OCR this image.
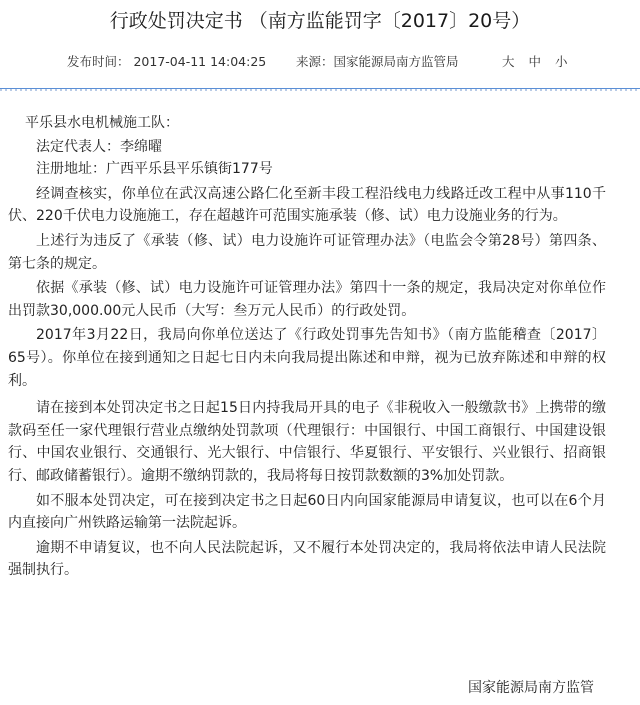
行政处罚决定书 （南方监能罚字〔2017〕20号）
发布时间： 2017-04-11 14:04:25 来源：国家能源局南方监管局	大 中 小

平乐县水电机械施工队：

法定代表人：李绵曜

注册地址：广西平乐县平乐镇街177号

经调查核实，你单位在武汉高速公路仁化至新丰段工程沿线电力线路迁改工程中从事110千伏、220千伏电力设施施工，存在超越许可范围实施承装（修、试）电力设施业务的行为。

上述行为违反了《承装（修、试）电力设施许可证管理办法》（电监会令第28号）第四条、第七条的规定。

依据《承装（修、试）电力设施许可证管理办法》第四十一条的规定，我局决定对你单位作出罚款30,000.00元人民币（大写：叁万元人民币）的行政处罚。

2017年3月22日，我局向你单位送达了《行政处罚事先告知书》（南方监能稽查〔2017〕65号）。你单位在接到通知之日起七日内未向我局提出陈述和申辩，视为已放弃陈述和申辩的权利。

请在接到本处罚决定书之日起15日内持我局开具的电子《非税收入一般缴款书》上携带的缴款码至任一家代理银行营业点缴纳处罚款项（代理银行：中国银行、中国工商银行、中国建设银行、中国农业银行、交通银行、光大银行、中信银行、华夏银行、平安银行、兴业银行、招商银行、邮政储蓄银行）。逾期不缴纳罚款的，我局将每日按罚款数额的3%加处罚款。

如不服本处罚决定，可在接到决定书之日起60日内向国家能源局申请复议，也可以在6个月内直接向广州铁路运输第一法院起诉。

逾期不申请复议，也不向人民法院起诉，又不履行本处罚决定的，我局将依法申请人民法院强制执行。

国家能源局南方监管
